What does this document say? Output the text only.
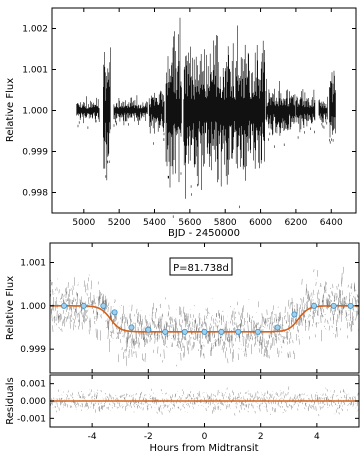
5000 5200 5400 5600 5800 6000 6200 6400
0.998
0.999
1.000
1.001
1.002
BJD - 2450000
Relative Flux
0.999
1.000
1.001	P=81.738d
Relative Flux
-0.001
0.000
0.001
-4	-2	0	2	4
Hours from Midtransit
Residuals
